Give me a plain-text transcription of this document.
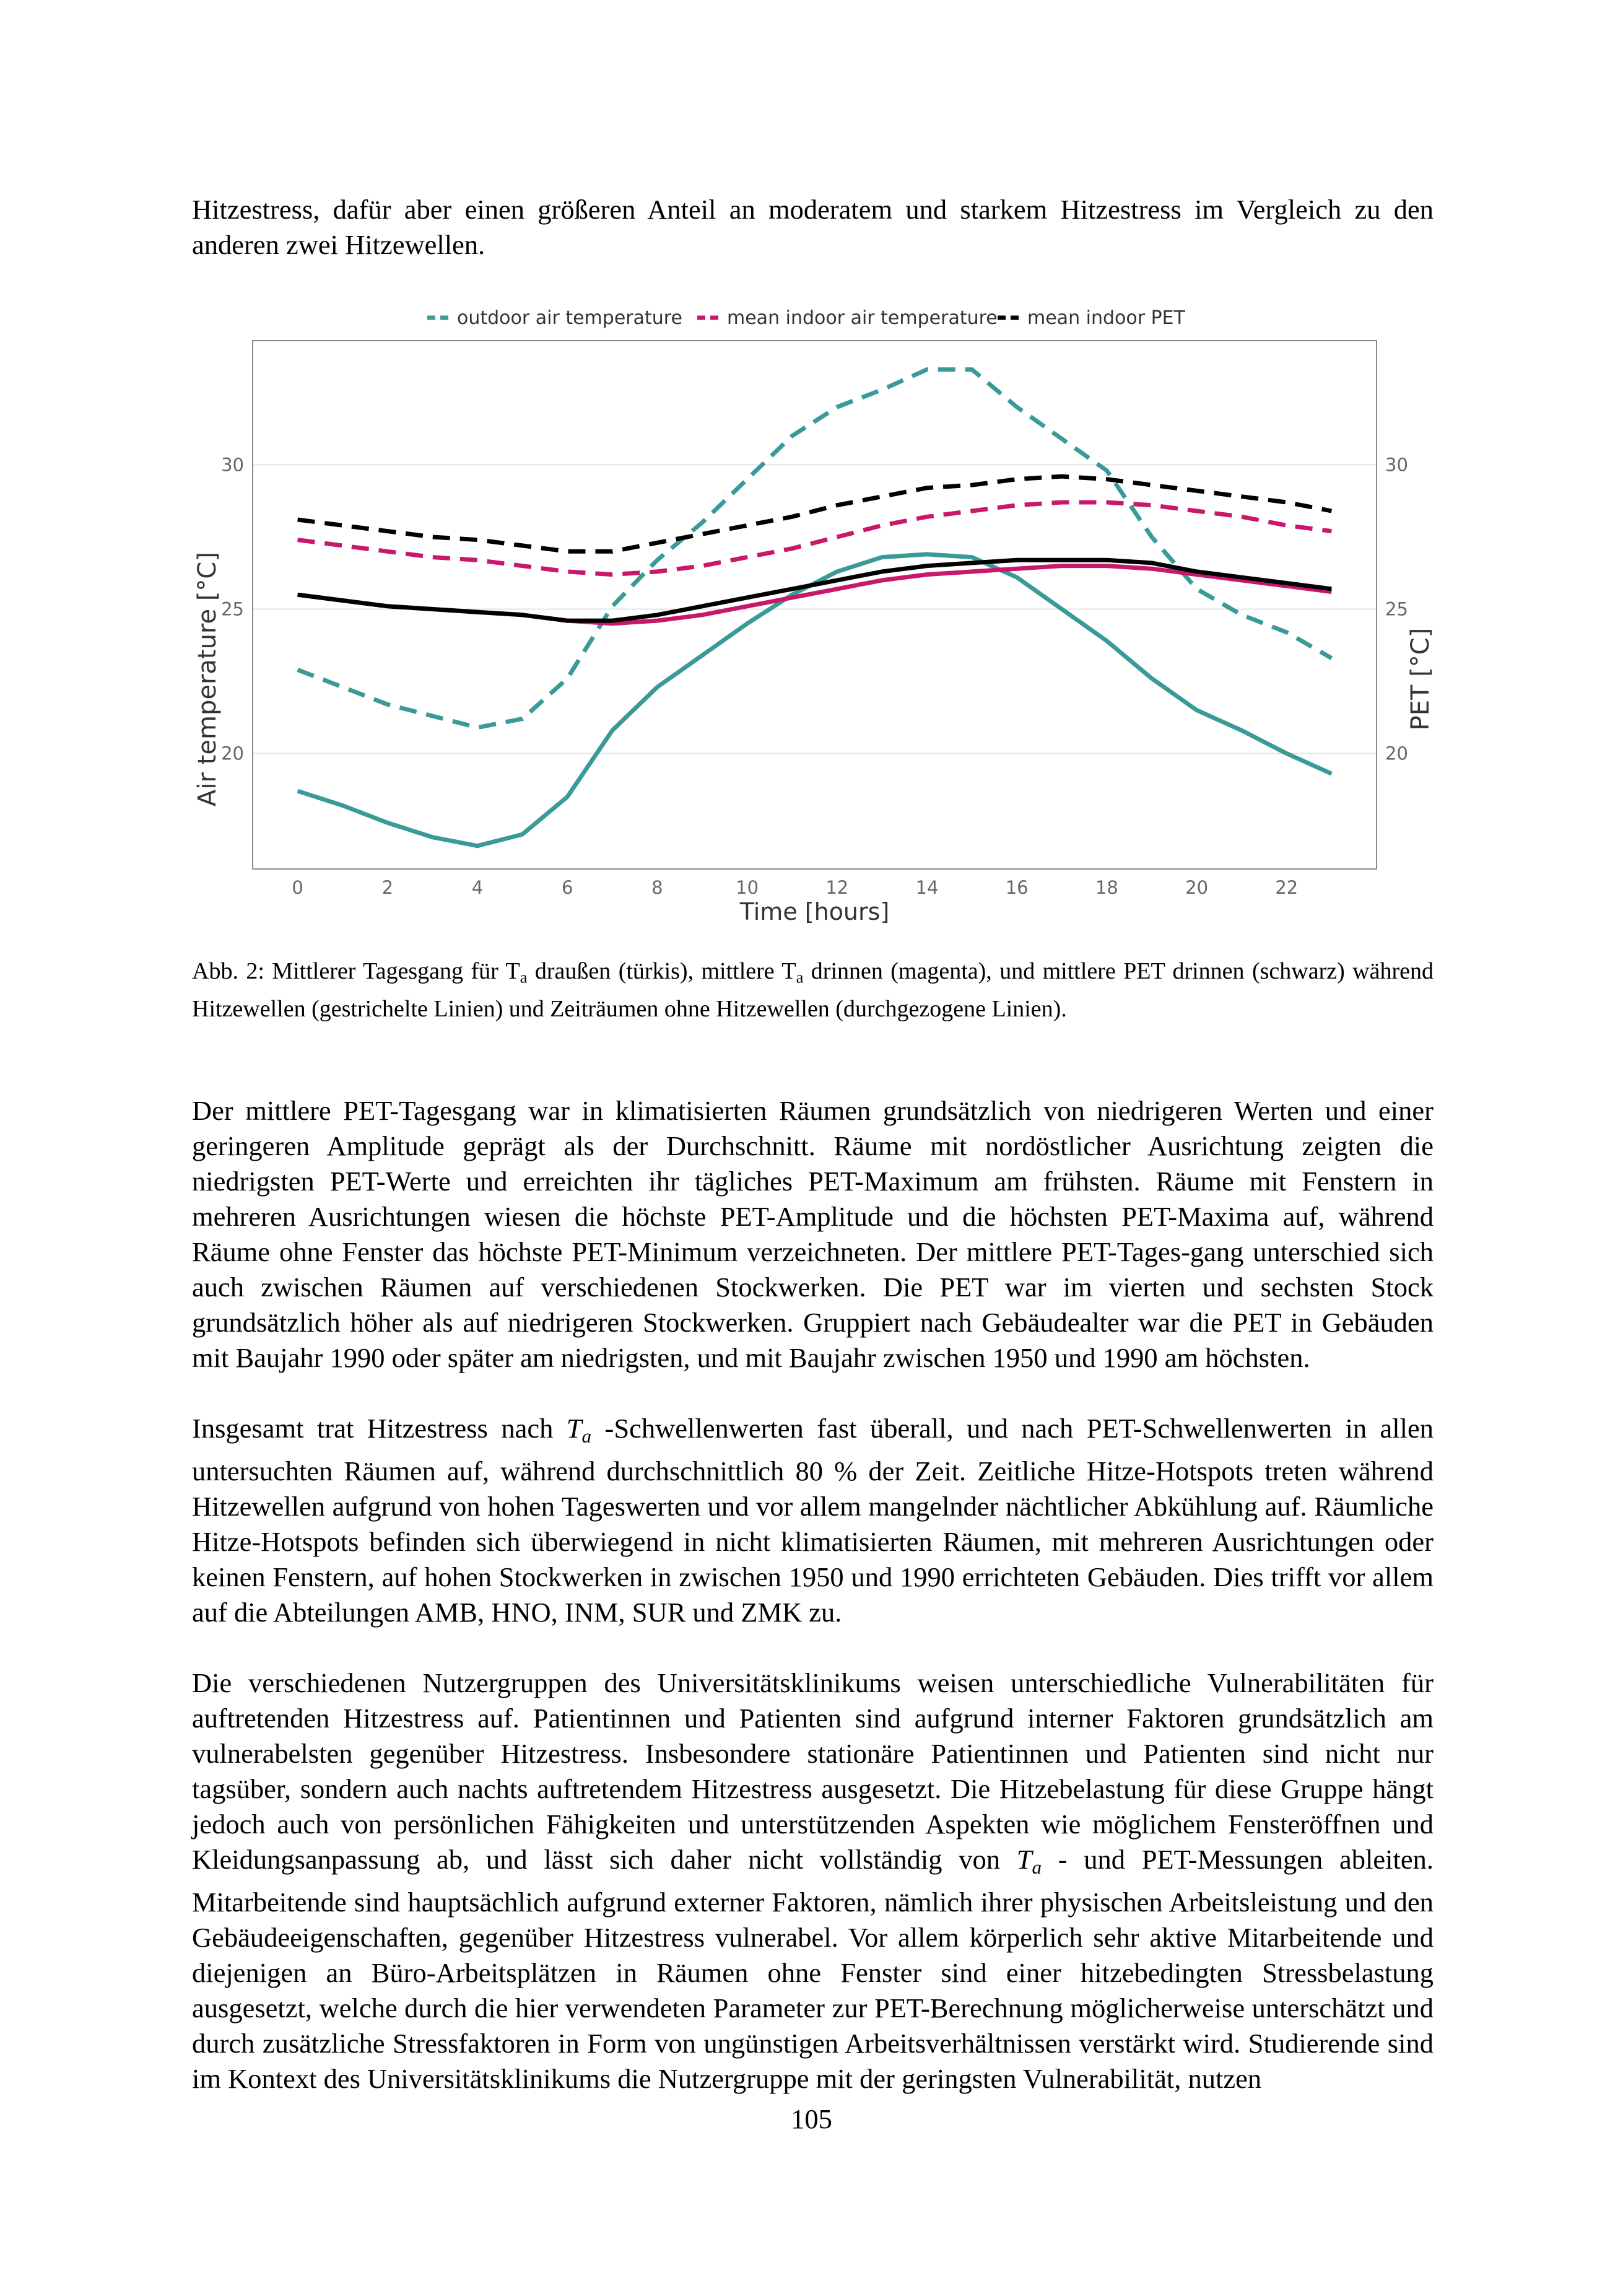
Hitzestress, dafür aber einen größeren Anteil an moderatem und starkem Hitzestress im Vergleich zu den anderen zwei Hitzewellen.

20	20
25	25
30	30
0	2	4	6	8	10	12	14	16	18	20	22
Time [hours]
Air temperature [°C]	PET [°C]
outdoor air temperature mean indoor air temperature mean indoor PET
Abb. 2: Mittlerer Tagesgang für $T_a$ draußen (türkis), mittlere $T_a$ drinnen (magenta), und mittlere PET drinnen (schwarz) während Hitzewellen (gestrichelte Linien) und Zeiträumen ohne Hitzewellen (durchgezogene Linien).

Der mittlere PET-Tagesgang war in klimatisierten Räumen grundsätzlich von niedrigeren Werten und einer geringeren Amplitude geprägt als der Durchschnitt. Räume mit nordöstlicher Ausrichtung zeigten die niedrigsten PET-Werte und erreichten ihr tägliches PET-Maximum am frühsten. Räume mit Fenstern in mehreren Ausrichtungen wiesen die höchste PET-Amplitude und die höchsten PET-Maxima auf, während Räume ohne Fenster das höchste PET-Minimum verzeichneten. Der mittlere PET-Tages-gang unterschied sich auch zwischen Räumen auf verschiedenen Stockwerken. Die PET war im vierten und sechsten Stock grundsätzlich höher als auf niedrigeren Stockwerken. Gruppiert nach Gebäudealter war die PET in Gebäuden mit Baujahr 1990 oder später am niedrigsten, und mit Baujahr zwischen 1950 und 1990 am höchsten.

Insgesamt trat Hitzestress nach $T_a$ -Schwellenwerten fast überall, und nach PET-Schwellenwerten in allen untersuchten Räumen auf, während durchschnittlich 80 % der Zeit. Zeitliche Hitze-Hotspots treten während Hitzewellen aufgrund von hohen Tageswerten und vor allem mangelnder nächtlicher Abkühlung auf. Räumliche Hitze-Hotspots befinden sich überwiegend in nicht klimatisierten Räumen, mit mehreren Ausrichtungen oder keinen Fenstern, auf hohen Stockwerken in zwischen 1950 und 1990 errichteten Gebäuden. Dies trifft vor allem auf die Abteilungen AMB, HNO, INM, SUR und ZMK zu.

Die verschiedenen Nutzergruppen des Universitätsklinikums weisen unterschiedliche Vulnerabilitäten für auftretenden Hitzestress auf. Patientinnen und Patienten sind aufgrund interner Faktoren grundsätzlich am vulnerabelsten gegenüber Hitzestress. Insbesondere stationäre Patientinnen und Patienten sind nicht nur tagsüber, sondern auch nachts auftretendem Hitzestress ausgesetzt. Die Hitzebelastung für diese Gruppe hängt jedoch auch von persönlichen Fähigkeiten und unterstützenden Aspekten wie möglichem Fensteröffnen und Kleidungsanpassung ab, und lässt sich daher nicht vollständig von $T_a$ - und PET-Messungen ableiten. Mitarbeitende sind hauptsächlich aufgrund externer Faktoren, nämlich ihrer physischen Arbeitsleistung und den Gebäudeeigenschaften, gegenüber Hitzestress vulnerabel. Vor allem körperlich sehr aktive Mitarbeitende und diejenigen an Büro-Arbeitsplätzen in Räumen ohne Fenster sind einer hitzebedingten Stressbelastung ausgesetzt, welche durch die hier verwendeten Parameter zur PET-Berechnung möglicherweise unterschätzt und durch zusätzliche Stressfaktoren in Form von ungünstigen Arbeitsverhältnissen verstärkt wird. Studierende sind im Kontext des Universitätsklinikums die Nutzergruppe mit der geringsten Vulnerabilität, nutzen

105
